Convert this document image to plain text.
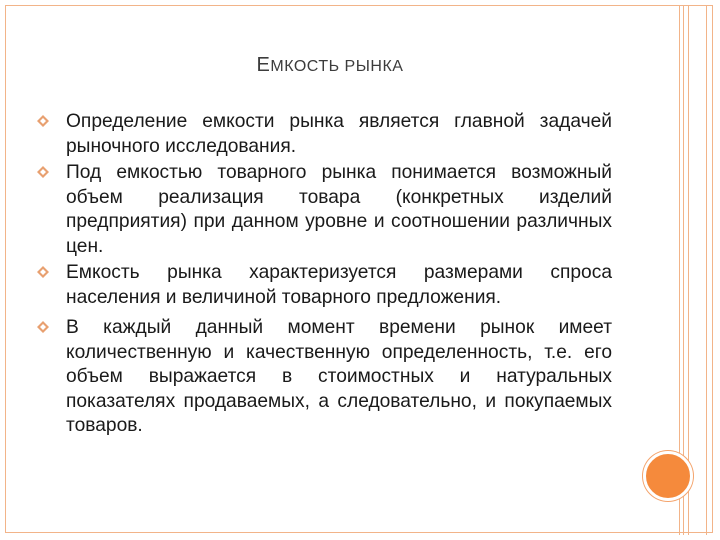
ЕМКОСТЬ РЫНКА
Определение емкости рынка является главной задачей рыночного исследования.
Под емкостью товарного рынка понимается возможный объем реализация товара (конкретных изделий предприятия) при данном уровне и соотношении различных цен.
Емкость рынка характеризуется размерами спроса населения и величиной товарного предложения.
В каждый данный момент времени рынок имеет количественную и качественную определенность, т.е. его объем выражается в стоимостных и натуральных показателях продаваемых, а следовательно, и покупаемых товаров.
